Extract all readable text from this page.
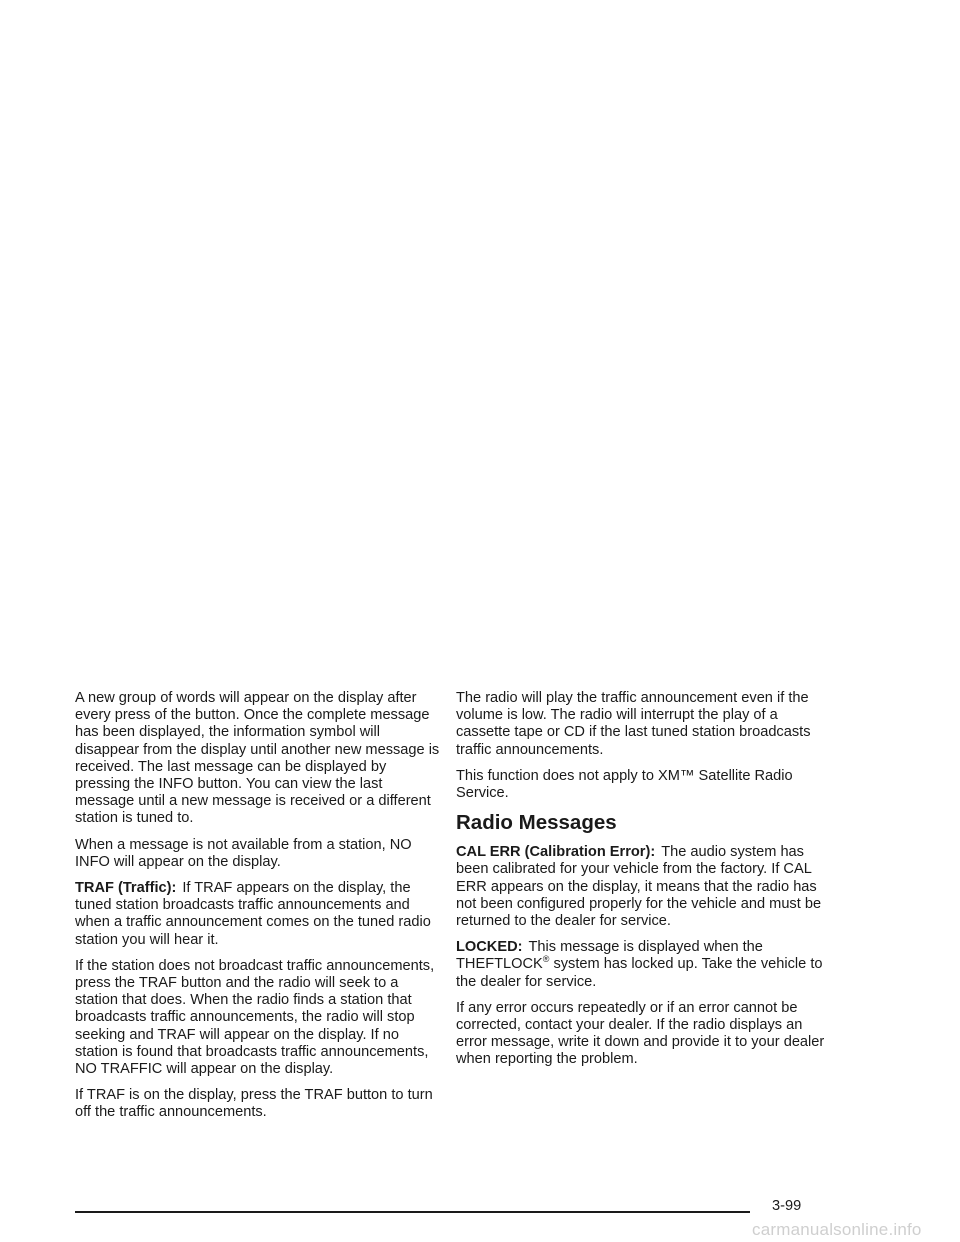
A new group of words will appear on the display after every press of the button. Once the complete message has been displayed, the information symbol will disappear from the display until another new message is received. The last message can be displayed by pressing the INFO button. You can view the last message until a new message is received or a different station is tuned to.

When a message is not available from a station, NO INFO will appear on the display.

TRAF (Traffic): If TRAF appears on the display, the tuned station broadcasts traffic announcements and when a traffic announcement comes on the tuned radio station you will hear it.

If the station does not broadcast traffic announcements, press the TRAF button and the radio will seek to a station that does. When the radio finds a station that broadcasts traffic announcements, the radio will stop seeking and TRAF will appear on the display. If no station is found that broadcasts traffic announcements, NO TRAFFIC will appear on the display.

If TRAF is on the display, press the TRAF button to turn off the traffic announcements.

The radio will play the traffic announcement even if the volume is low. The radio will interrupt the play of a cassette tape or CD if the last tuned station broadcasts traffic announcements.

This function does not apply to XM™ Satellite Radio Service.

Radio Messages

CAL ERR (Calibration Error): The audio system has been calibrated for your vehicle from the factory. If CAL ERR appears on the display, it means that the radio has not been configured properly for the vehicle and must be returned to the dealer for service.

LOCKED: This message is displayed when the THEFTLOCK® system has locked up. Take the vehicle to the dealer for service.

If any error occurs repeatedly or if an error cannot be corrected, contact your dealer. If the radio displays an error message, write it down and provide it to your dealer when reporting the problem.

3-99
carmanualsonline.info
